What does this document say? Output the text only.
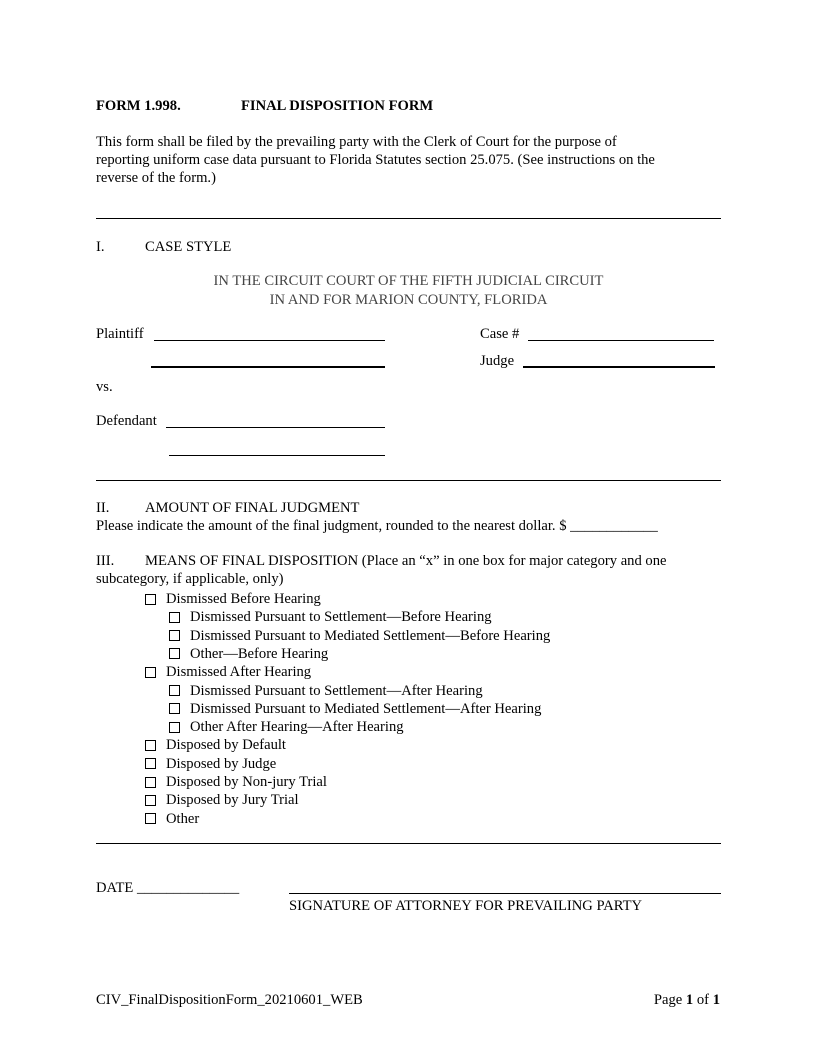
FORM 1.998.	FINAL DISPOSITION FORM
This form shall be filed by the prevailing party with the Clerk of Court for the purpose of
reporting uniform case data pursuant to Florida Statutes section 25.075. (See instructions on the
reverse of the form.)
I.	CASE STYLE
IN THE CIRCUIT COURT OF THE FIFTH JUDICIAL CIRCUIT
IN AND FOR MARION COUNTY, FLORIDA
Plaintiff	Case #
Judge
vs.
Defendant
II. AMOUNT OF FINAL JUDGMENT
Please indicate the amount of the final judgment, rounded to the nearest dollar. $ ____________
III. MEANS OF FINAL DISPOSITION (Place an “x” in one box for major category and one
subcategory, if applicable, only)
Dismissed Before Hearing
Dismissed Pursuant to Settlement—Before Hearing
Dismissed Pursuant to Mediated Settlement—Before Hearing
Other—Before Hearing
Dismissed After Hearing
Dismissed Pursuant to Settlement—After Hearing
Dismissed Pursuant to Mediated Settlement—After Hearing
Other After Hearing—After Hearing
Disposed by Default
Disposed by Judge
Disposed by Non-jury Trial
Disposed by Jury Trial
Other
DATE ______________
SIGNATURE OF ATTORNEY FOR PREVAILING PARTY
CIV_FinalDispositionForm_20210601_WEB	Page 1 of 1
